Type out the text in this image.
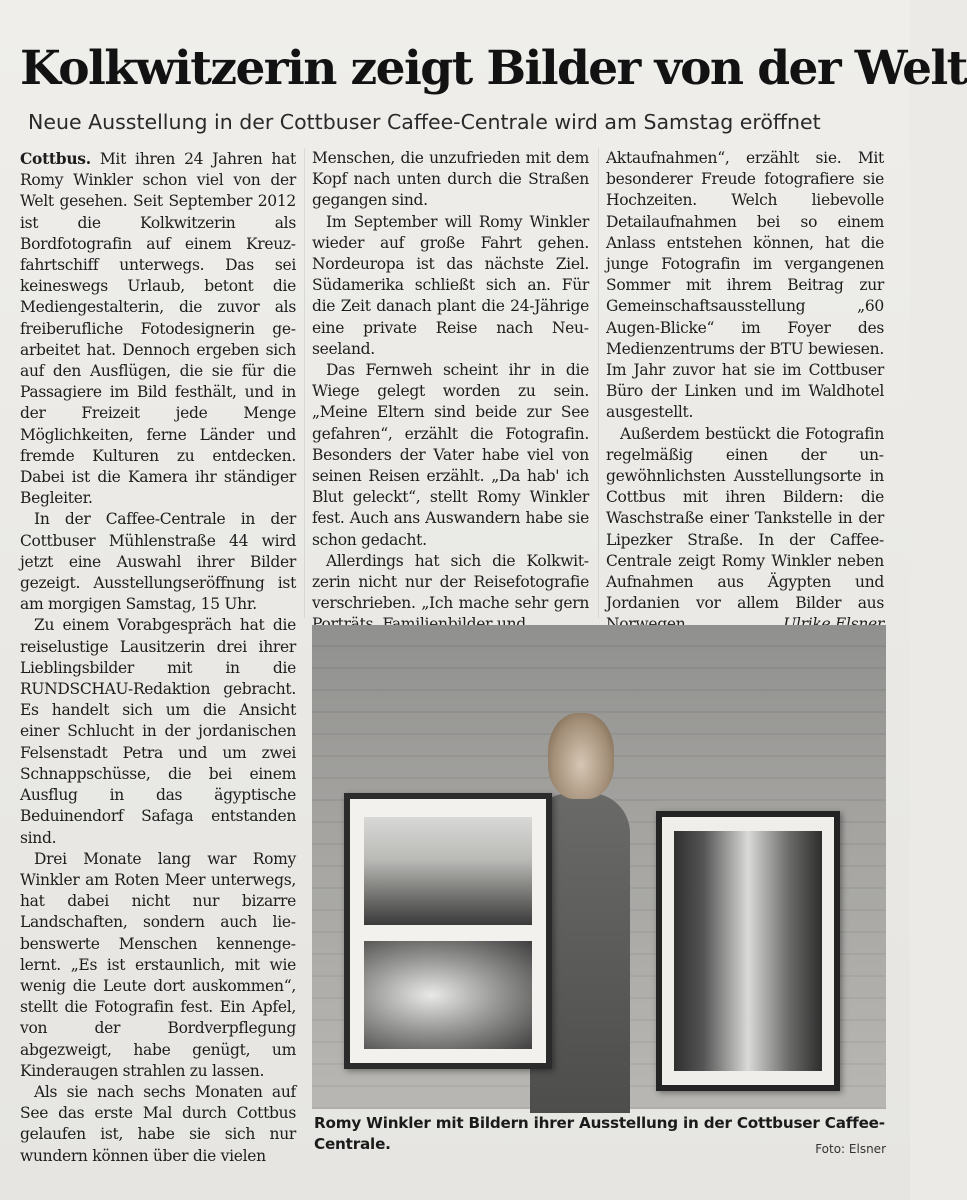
Kolkwitzerin zeigt Bilder von der Welt
Neue Ausstellung in der Cottbuser Caffee-Centrale wird am Samstag eröffnet

Cottbus. Mit ihren 24 Jahren hat Romy Winkler schon viel von der Welt gesehen. Seit September 2012 ist die Kolkwitzerin als Bordfotografin auf einem Kreuzfahrtschiff unterwegs. Das sei keineswegs Urlaub, betont die Mediengestalterin, die zuvor als freiberufliche Fotodesignerin gearbeitet hat. Dennoch ergeben sich auf den Ausflügen, die sie für die Passagiere im Bild festhält, und in der Freizeit jede Menge Möglichkeiten, ferne Länder und fremde Kulturen zu entdecken. Dabei ist die Kamera ihr ständiger Begleiter.

In der Caffee-Centrale in der Cottbuser Mühlenstraße 44 wird jetzt eine Auswahl ihrer Bilder gezeigt. Ausstellungseröffnung ist am morgigen Samstag, 15 Uhr.

Zu einem Vorabgespräch hat die reiselustige Lausitzerin drei ihrer Lieblingsbilder mit in die RUNDSCHAU-Redaktion gebracht. Es handelt sich um die Ansicht einer Schlucht in der jordanischen Felsenstadt Petra und um zwei Schnappschüsse, die bei einem Ausflug in das ägyptische Beduinendorf Safaga entstanden sind.

Drei Monate lang war Romy Winkler am Roten Meer unterwegs, hat dabei nicht nur bizarre Landschaften, sondern auch liebenswerte Menschen kennengelernt. „Es ist erstaunlich, mit wie wenig die Leute dort auskommen“, stellt die Fotografin fest. Ein Apfel, von der Bordverpflegung abgezweigt, habe genügt, um Kinderaugen strahlen zu lassen.

Als sie nach sechs Monaten auf See das erste Mal durch Cottbus gelaufen ist, habe sie sich nur wundern können über die vielen

Menschen, die unzufrieden mit dem Kopf nach unten durch die Straßen gegangen sind.

Im September will Romy Winkler wieder auf große Fahrt gehen. Nordeuropa ist das nächste Ziel. Südamerika schließt sich an. Für die Zeit danach plant die 24-Jährige eine private Reise nach Neuseeland.

Das Fernweh scheint ihr in die Wiege gelegt worden zu sein. „Meine Eltern sind beide zur See gefahren“, erzählt die Fotografin. Besonders der Vater habe viel von seinen Reisen erzählt. „Da hab' ich Blut geleckt“, stellt Romy Winkler fest. Auch ans Auswandern habe sie schon gedacht.

Allerdings hat sich die Kolkwitzerin nicht nur der Reisefotografie verschrieben. „Ich mache sehr gern

Aktaufnahmen“, erzählt sie. Mit besonderer Freude fotografiere sie Hochzeiten. Welch liebevolle Detailaufnahmen bei so einem Anlass entstehen können, hat die junge Fotografin im vergangenen Sommer mit ihrem Beitrag zur Gemeinschaftsausstellung „60 Augen-Blicke“ im Foyer des Medienzentrums der BTU bewiesen. Im Jahr zuvor hat sie im Cottbuser Büro der Linken und im Waldhotel ausgestellt.

Außerdem bestückt die Fotografin regelmäßig einen der ungewöhnlichsten Ausstellungsorte in Cottbus mit ihren Bildern: die Waschstraße einer Tankstelle in der Lipezker Straße. In der Caffee-Centrale zeigt Romy Winkler neben Aufnahmen aus Ägypten und Jordanien vor allem Bilder aus

Romy Winkler mit Bildern ihrer Ausstellung in der Cottbuser Caffee-Centrale.	Foto: Elsner
